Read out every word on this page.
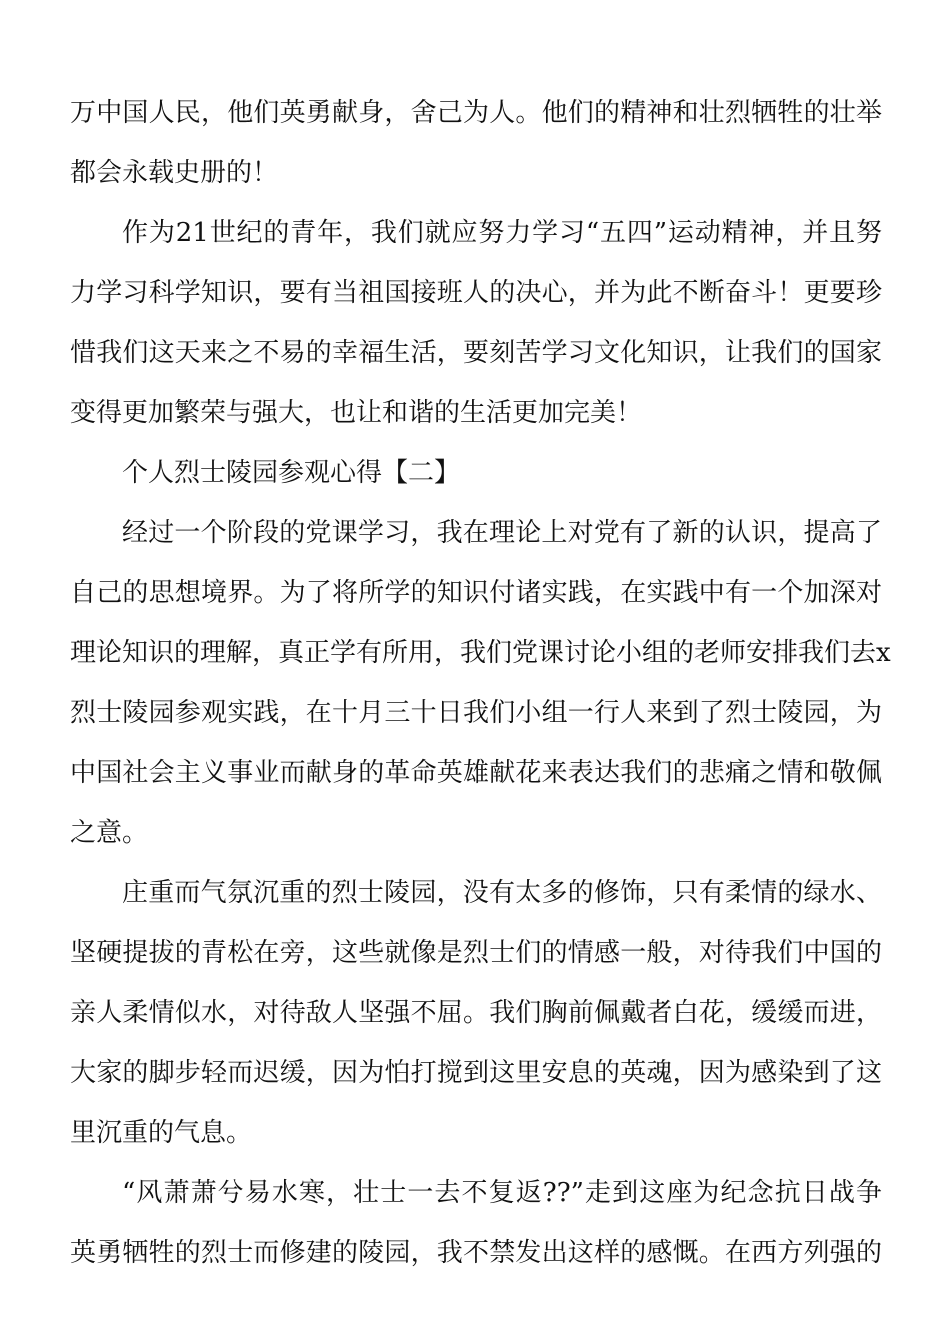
万中国人民，他们英勇献身，舍己为人。他们的精神和壮烈牺牲的壮举
都会永载史册的！
作为21世纪的青年，我们就应努力学习“五四”运动精神，并且努
力学习科学知识，要有当祖国接班人的决心，并为此不断奋斗！更要珍
惜我们这天来之不易的幸福生活，要刻苦学习文化知识，让我们的国家
变得更加繁荣与强大，也让和谐的生活更加完美！
个人烈士陵园参观心得【二】
经过一个阶段的党课学习，我在理论上对党有了新的认识，提高了
自己的思想境界。为了将所学的知识付诸实践，在实践中有一个加深对
理论知识的理解，真正学有所用，我们党课讨论小组的老师安排我们去x
烈士陵园参观实践，在十月三十日我们小组一行人来到了烈士陵园，为
中国社会主义事业而献身的革命英雄献花来表达我们的悲痛之情和敬佩
之意。
庄重而气氛沉重的烈士陵园，没有太多的修饰，只有柔情的绿水、
坚硬提拔的青松在旁，这些就像是烈士们的情感一般，对待我们中国的
亲人柔情似水，对待敌人坚强不屈。我们胸前佩戴者白花，缓缓而进，
大家的脚步轻而迟缓，因为怕打搅到这里安息的英魂，因为感染到了这
里沉重的气息。
“风萧萧兮易水寒，壮士一去不复返??”走到这座为纪念抗日战争
英勇牺牲的烈士而修建的陵园，我不禁发出这样的感慨。在西方列强的
